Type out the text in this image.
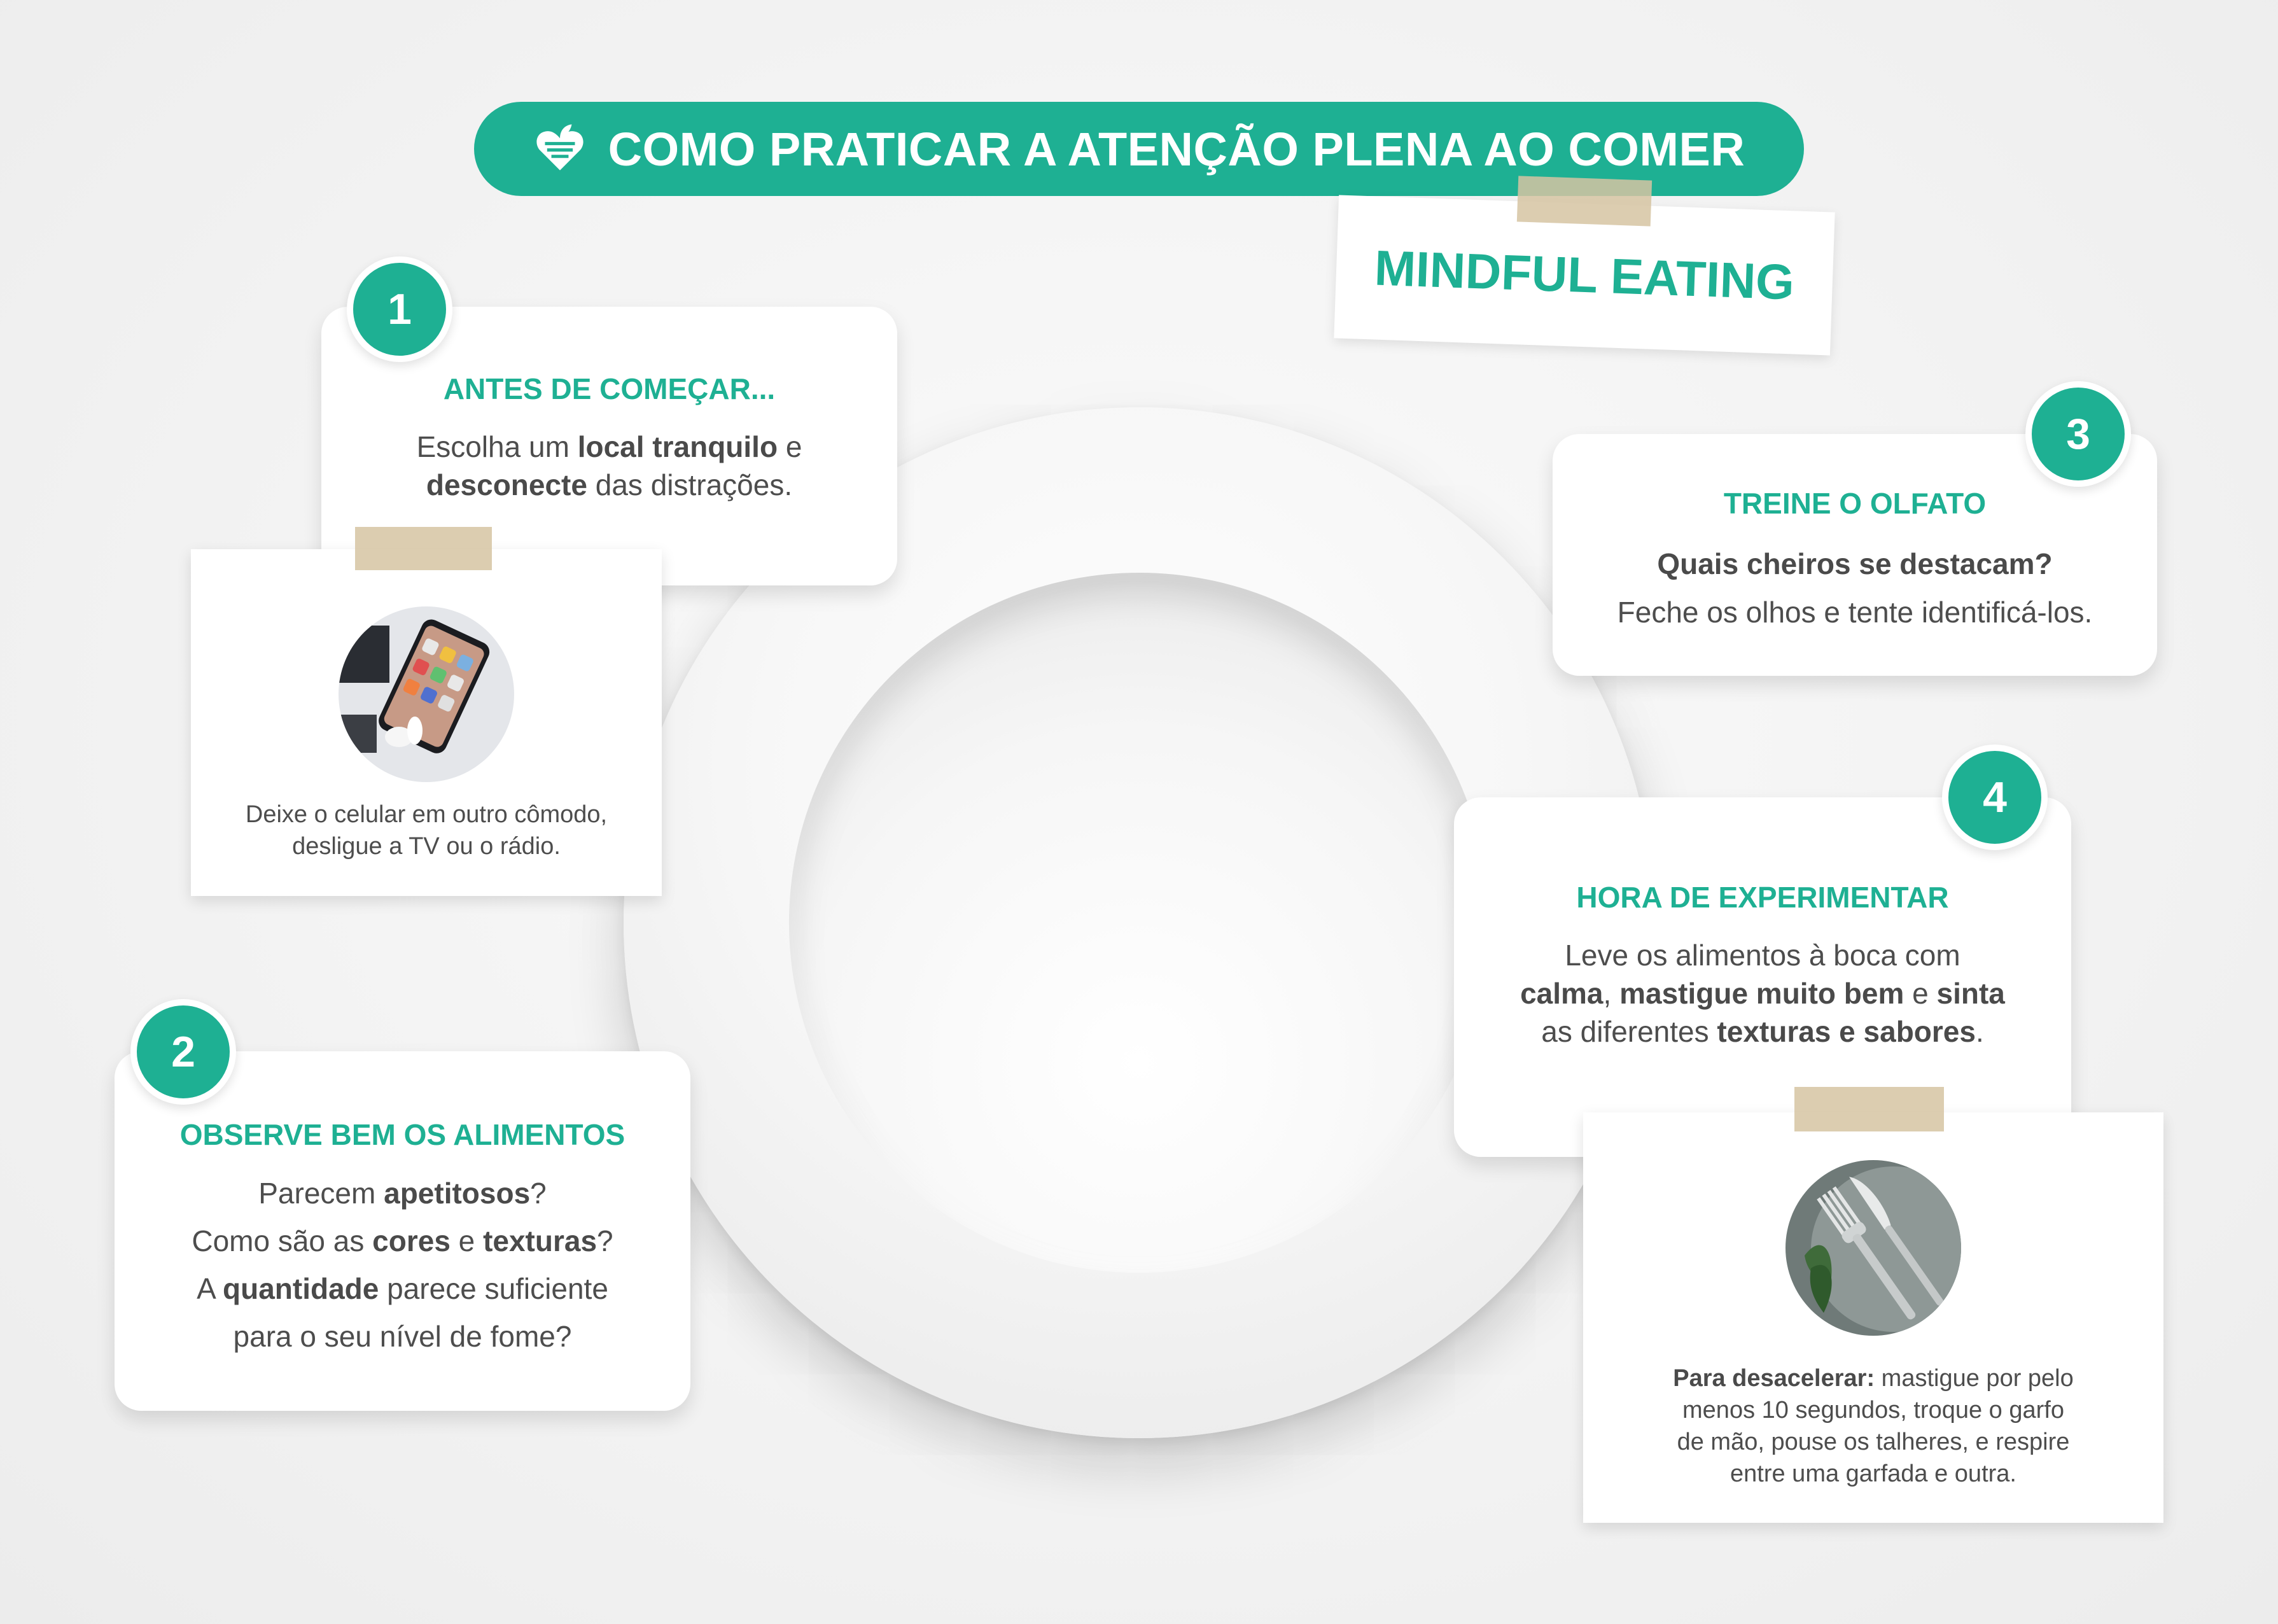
COMO PRATICAR A ATENÇÃO PLENA AO COMER
MINDFUL EATING
ANTES DE COMEÇAR...
Escolha um local tranquilo e
desconecte das distrações.
1
Deixe o celular em outro cômodo,
desligue a TV ou o rádio.
OBSERVE BEM OS ALIMENTOS
Parecem apetitosos?
Como são as cores e texturas?
A quantidade parece suficiente
para o seu nível de fome?
2
TREINE O OLFATO
Quais cheiros se destacam?
Feche os olhos e tente identificá-los.
3
HORA DE EXPERIMENTAR
Leve os alimentos à boca com
calma, mastigue muito bem e sinta
as diferentes texturas e sabores.
4
Para desacelerar: mastigue por pelo
menos 10 segundos, troque o garfo
de mão, pouse os talheres, e respire
entre uma garfada e outra.
